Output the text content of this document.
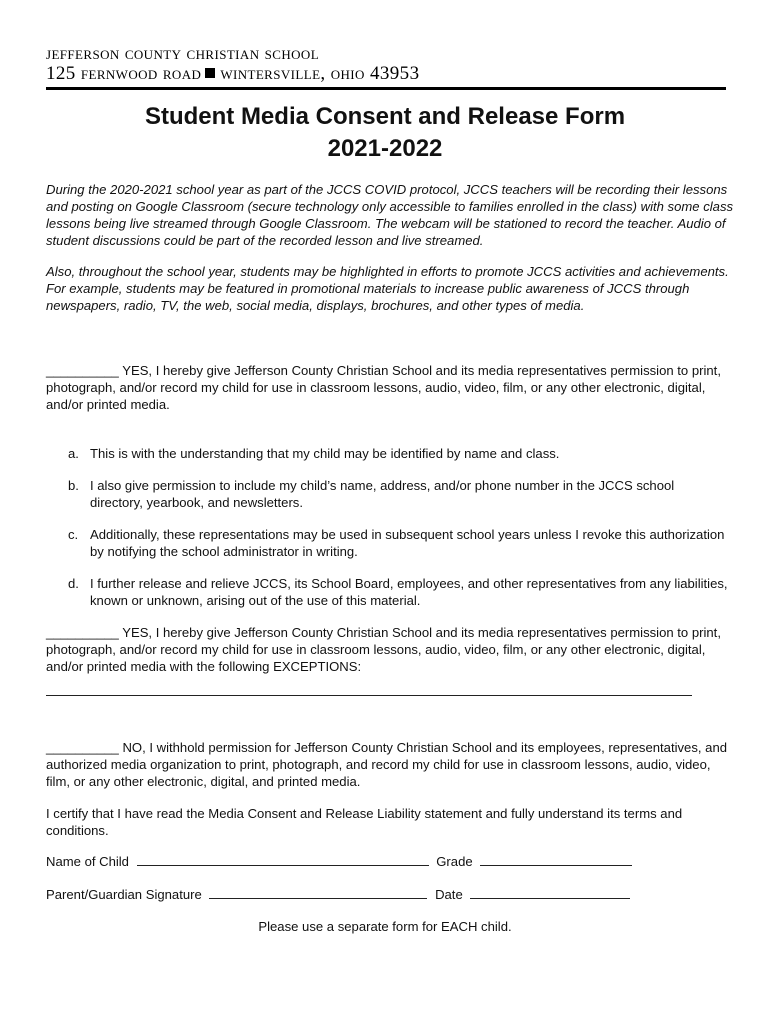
jefferson county christian school
125 fernwood road wintersville, ohio 43953
Student Media Consent and Release Form
2021-2022

During the 2020-2021 school year as part of the JCCS COVID protocol, JCCS teachers will be recording their lessons and posting on Google Classroom (secure technology only accessible to families enrolled in the class) with some class lessons being live streamed through Google Classroom. The webcam will be stationed to record the teacher. Audio of student discussions could be part of the recorded lesson and live streamed.

Also, throughout the school year, students may be highlighted in efforts to promote JCCS activities and achievements. For example, students may be featured in promotional materials to increase public awareness of JCCS through newspapers, radio, TV, the web, social media, displays, brochures, and other types of media.

__________ YES, I hereby give Jefferson County Christian School and its media representatives permission to print, photograph, and/or record my child for use in classroom lessons, audio, video, film, or any other electronic, digital, and/or printed media.

a. This is with the understanding that my child may be identified by name and class.
b. I also give permission to include my child’s name, address, and/or phone number in the JCCS school directory, yearbook, and newsletters.
c. Additionally, these representations may be used in subsequent school years unless I revoke this authorization by notifying the school administrator in writing.
d. I further release and relieve JCCS, its School Board, employees, and other representatives from any liabilities, known or unknown, arising out of the use of this material.

__________ YES, I hereby give Jefferson County Christian School and its media representatives permission to print, photograph, and/or record my child for use in classroom lessons, audio, video, film, or any other electronic, digital, and/or printed media with the following EXCEPTIONS:

__________ NO, I withhold permission for Jefferson County Christian School and its employees, representatives, and authorized media organization to print, photograph, and record my child for use in classroom lessons, audio, video, film, or any other electronic, digital, and printed media.

I certify that I have read the Media Consent and Release Liability statement and fully understand its terms and conditions.

Name of Child	Grade
Parent/Guardian Signature	Date
Please use a separate form for EACH child.
